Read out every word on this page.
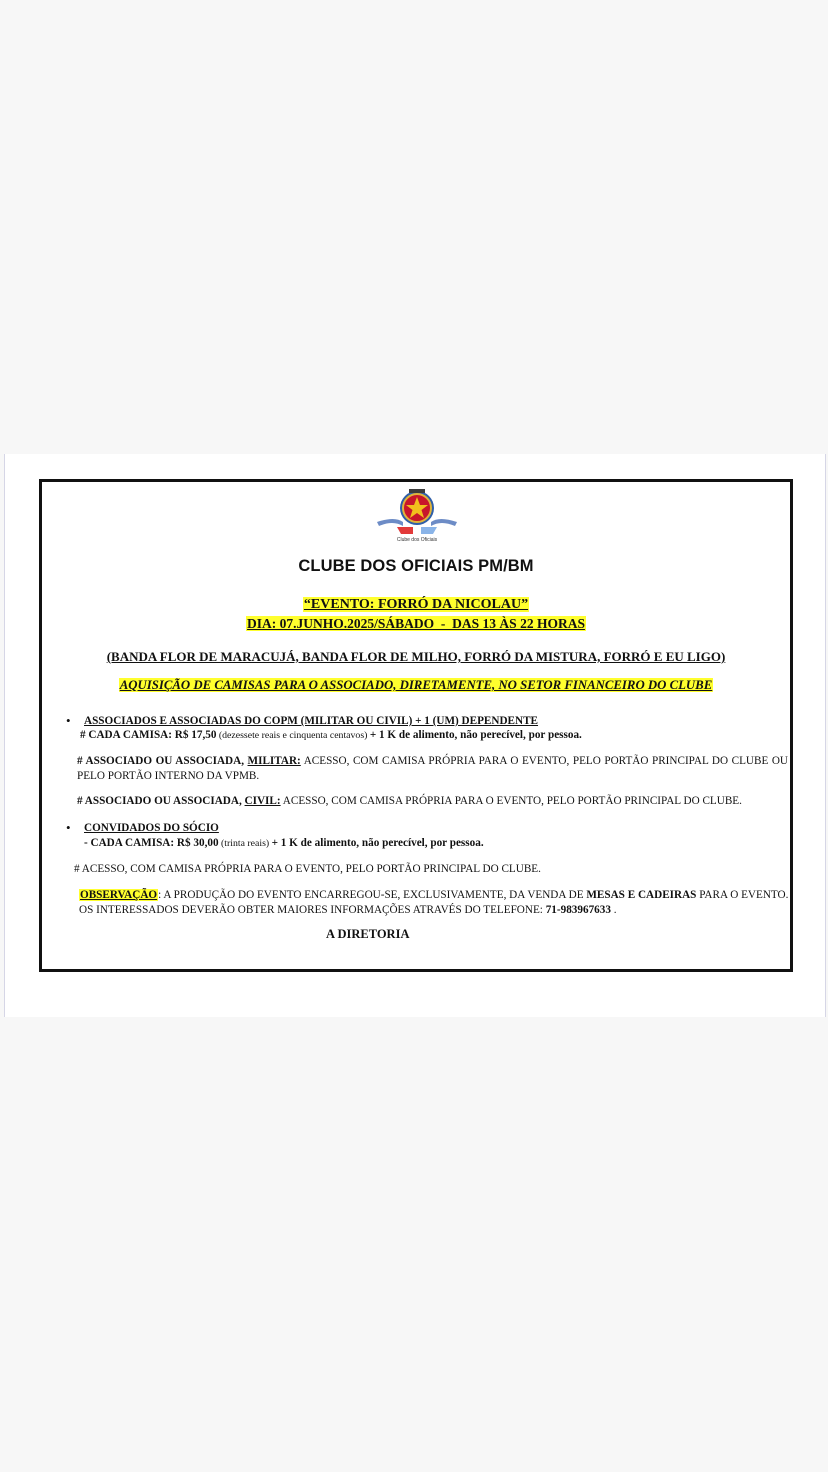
Clube dos Oficiais
CLUBE DOS OFICIAIS PM/BM
“EVENTO: FORRÓ DA NICOLAU”
DIA: 07.JUNHO.2025/SÁBADO  -  DAS 13 ÀS 22 HORAS
(BANDA FLOR DE MARACUJÁ, BANDA FLOR DE MILHO, FORRÓ DA MISTURA, FORRÓ E EU LIGO)
AQUISIÇÃO DE CAMISAS PARA O ASSOCIADO, DIRETAMENTE, NO SETOR FINANCEIRO DO CLUBE
• ASSOCIADOS E ASSOCIADAS DO COPM (MILITAR OU CIVIL) + 1 (UM) DEPENDENTE
# CADA CAMISA: R$ 17,50 (dezessete reais e cinquenta centavos) + 1 K de alimento, não perecível, por pessoa.
# ASSOCIADO OU ASSOCIADA, MILITAR: ACESSO, COM CAMISA PRÓPRIA PARA O EVENTO, PELO PORTÃO PRINCIPAL DO CLUBE OU PELO PORTÃO INTERNO DA VPMB.
# ASSOCIADO OU ASSOCIADA, CIVIL: ACESSO, COM CAMISA PRÓPRIA PARA O EVENTO, PELO PORTÃO PRINCIPAL DO CLUBE.
• CONVIDADOS DO SÓCIO
- CADA CAMISA: R$ 30,00 (trinta reais) + 1 K de alimento, não perecível, por pessoa.
# ACESSO, COM CAMISA PRÓPRIA PARA O EVENTO, PELO PORTÃO PRINCIPAL DO CLUBE.
OBSERVAÇÃO: A PRODUÇÃO DO EVENTO ENCARREGOU-SE, EXCLUSIVAMENTE, DA VENDA DE MESAS E CADEIRAS PARA O EVENTO. OS INTERESSADOS DEVERÃO OBTER MAIORES INFORMAÇÕES ATRAVÉS DO TELEFONE: 71-983967633 .
A DIRETORIA
